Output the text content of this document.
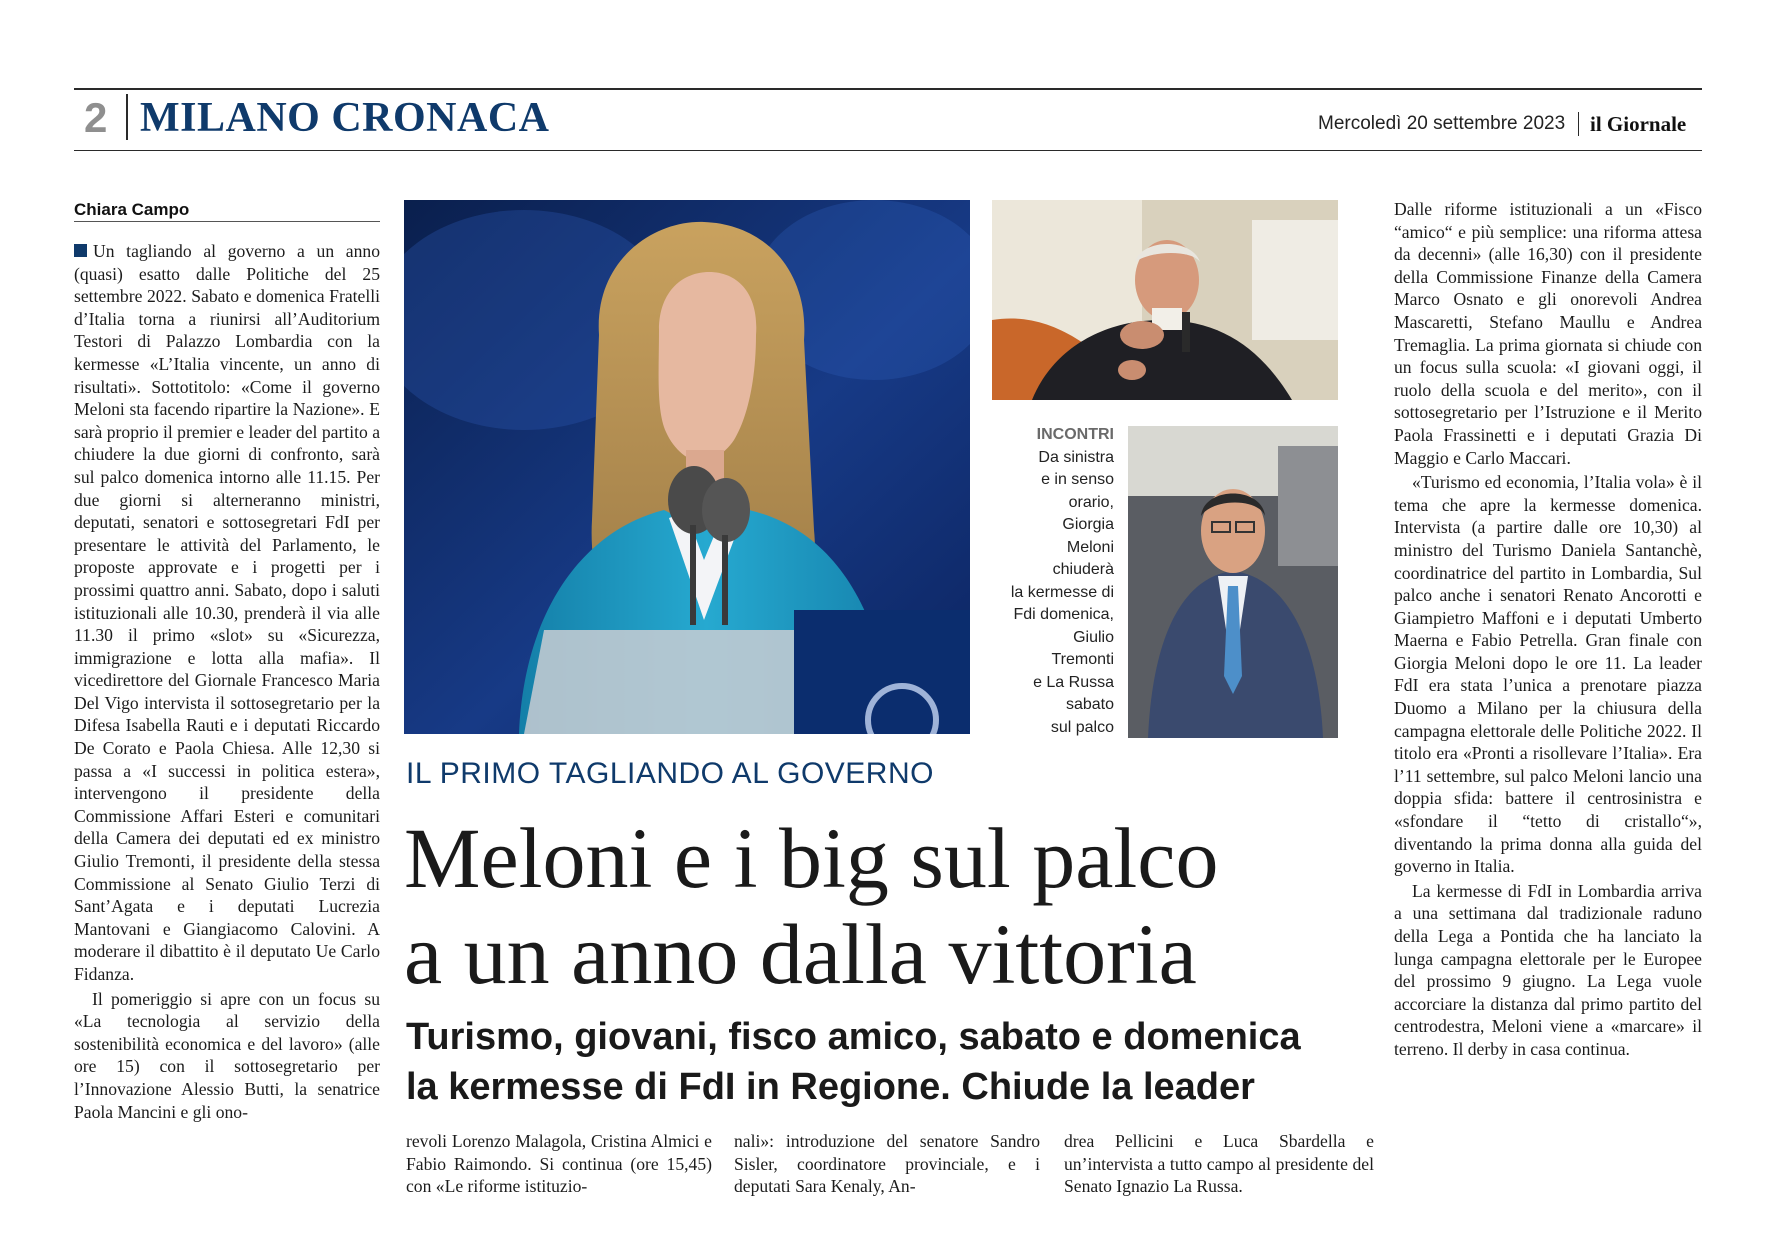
2 MILANO CRONACA	Mercoledì 20 settembre 2023 il Giornale
Chiara Campo

Un tagliando al governo a un anno (quasi) esatto dalle Politiche del 25 settembre 2022. Sabato e domenica Fratelli d’Italia torna a riunirsi all’Auditorium Testori di Palazzo Lombardia con la kermesse «L’Italia vincente, un anno di risultati». Sottotitolo: «Come il governo Meloni sta facendo ripartire la Nazione». E sarà proprio il premier e leader del partito a chiudere la due giorni di confronto, sarà sul palco domenica intorno alle 11.15. Per due giorni si alterneranno ministri, deputati, senatori e sottosegretari FdI per presentare le attività del Parlamento, le proposte approvate e i progetti per i prossimi quattro anni. Sabato, dopo i saluti istituzionali alle 10.30, prenderà il via alle 11.30 il primo «slot» su «Sicurezza, immigrazione e lotta alla mafia». Il vicedirettore del Giornale Francesco Maria Del Vigo intervista il sottosegretario per la Difesa Isabella Rauti e i deputati Riccardo De Corato e Paola Chiesa. Alle 12,30 si passa a «I successi in politica estera», intervengono il presidente della Commissione Affari Esteri e comunitari della Camera dei deputati ed ex ministro Giulio Tremonti, il presidente della stessa Commissione al Senato Giulio Terzi di Sant’Agata e i deputati Lucrezia Mantovani e Giangiacomo Calovini. A moderare il dibattito è il deputato Ue Carlo Fidanza.

Il pomeriggio si apre con un focus su «La tecnologia al servizio della sostenibilità economica e del lavoro» (alle ore 15) con il sottosegretario per l’Innovazione Alessio Butti, la senatrice Paola Mancini e gli ono-

INCONTRI
Da sinistra
e in senso
orario,
Giorgia
Meloni
chiuderà
la kermesse di
Fdi domenica,
Giulio
Tremonti
e La Russa
sabato
sul palco
IL PRIMO TAGLIANDO AL GOVERNO
Meloni e i big sul palco
a un anno dalla vittoria
Turismo, giovani, fisco amico, sabato e domenica
la kermesse di FdI in Regione. Chiude la leader

revoli Lorenzo Malagola, Cristina Almici e Fabio Raimondo. Si continua (ore 15,45) con «Le riforme istituzio-

nali»: introduzione del senatore Sandro Sisler, coordinatore provinciale, e i deputati Sara Kenaly, An-

drea Pellicini e Luca Sbardella e un’intervista a tutto campo al presidente del Senato Ignazio La Russa.

Dalle riforme istituzionali a un «Fisco “amico“ e più semplice: una riforma attesa da decenni» (alle 16,30) con il presidente della Commissione Finanze della Camera Marco Osnato e gli onorevoli Andrea Mascaretti, Stefano Maullu e Andrea Tremaglia. La prima giornata si chiude con un focus sulla scuola: «I giovani oggi, il ruolo della scuola e del merito», con il sottosegretario per l’Istruzione e il Merito Paola Frassinetti e i deputati Grazia Di Maggio e Carlo Maccari.

«Turismo ed economia, l’Italia vola» è il tema che apre la kermesse domenica. Intervista (a partire dalle ore 10,30) al ministro del Turismo Daniela Santanchè, coordinatrice del partito in Lombardia, Sul palco anche i senatori Renato Ancorotti e Giampietro Maffoni e i deputati Umberto Maerna e Fabio Petrella. Gran finale con Giorgia Meloni dopo le ore 11. La leader FdI era stata l’unica a prenotare piazza Duomo a Milano per la chiusura della campagna elettorale delle Politiche 2022. Il titolo era «Pronti a risollevare l’Italia». Era l’11 settembre, sul palco Meloni lancio una doppia sfida: battere il centrosinistra e «sfondare il “tetto di cristallo“», diventando la prima donna alla guida del governo in Italia.

La kermesse di FdI in Lombardia arriva a una settimana dal tradizionale raduno della Lega a Pontida che ha lanciato la lunga campagna elettorale per le Europee del prossimo 9 giugno. La Lega vuole accorciare la distanza dal primo partito del centrodestra, Meloni viene a «marcare» il terreno. Il derby in casa continua.
